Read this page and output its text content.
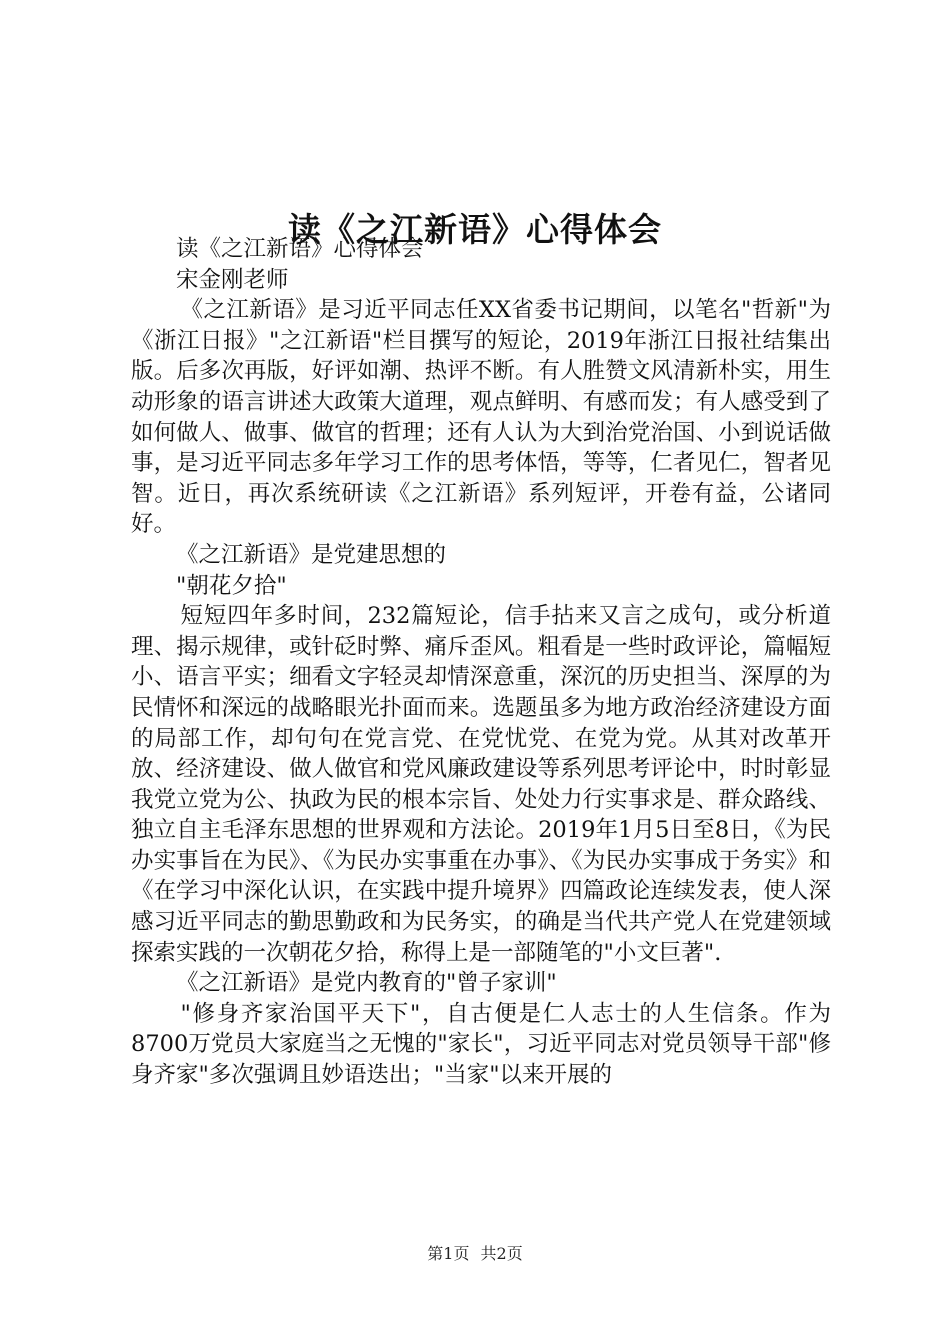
读《之江新语》心得体会

读《之江新语》心得体会

宋金刚老师

《之江新语》是习近平同志任XX省委书记期间，以笔名"哲新"为《浙江日报》"之江新语"栏目撰写的短论，2019年浙江日报社结集出版。后多次再版，好评如潮、热评不断。有人胜赞文风清新朴实，用生动形象的语言讲述大政策大道理，观点鲜明、有感而发；有人感受到了如何做人、做事、做官的哲理；还有人认为大到治党治国、小到说话做事，是习近平同志多年学习工作的思考体悟，等等，仁者见仁，智者见智。近日，再次系统研读《之江新语》系列短评，开卷有益，公诸同好。

《之江新语》是党建思想的

"朝花夕拾"

短短四年多时间，232篇短论，信手拈来又言之成句，或分析道理、揭示规律，或针砭时弊、痛斥歪风。粗看是一些时政评论，篇幅短小、语言平实；细看文字轻灵却情深意重，深沉的历史担当、深厚的为民情怀和深远的战略眼光扑面而来。选题虽多为地方政治经济建设方面的局部工作，却句句在党言党、在党忧党、在党为党。从其对改革开放、经济建设、做人做官和党风廉政建设等系列思考评论中，时时彰显我党立党为公、执政为民的根本宗旨、处处力行实事求是、群众路线、独立自主毛泽东思想的世界观和方法论。2019年1月5日至8日，《为民办实事旨在为民》、《为民办实事重在办事》、《为民办实事成于务实》和《在学习中深化认识，在实践中提升境界》四篇政论连续发表，使人深感习近平同志的勤思勤政和为民务实，的确是当代共产党人在党建领域探索实践的一次朝花夕拾，称得上是一部随笔的"小文巨著".

《之江新语》是党内教育的"曾子家训"

"修身齐家治国平天下"，自古便是仁人志士的人生信条。作为8700万党员大家庭当之无愧的"家长"，习近平同志对党员领导干部"修身齐家"多次强调且妙语迭出；"当家"以来开展的

第1页 共2页
